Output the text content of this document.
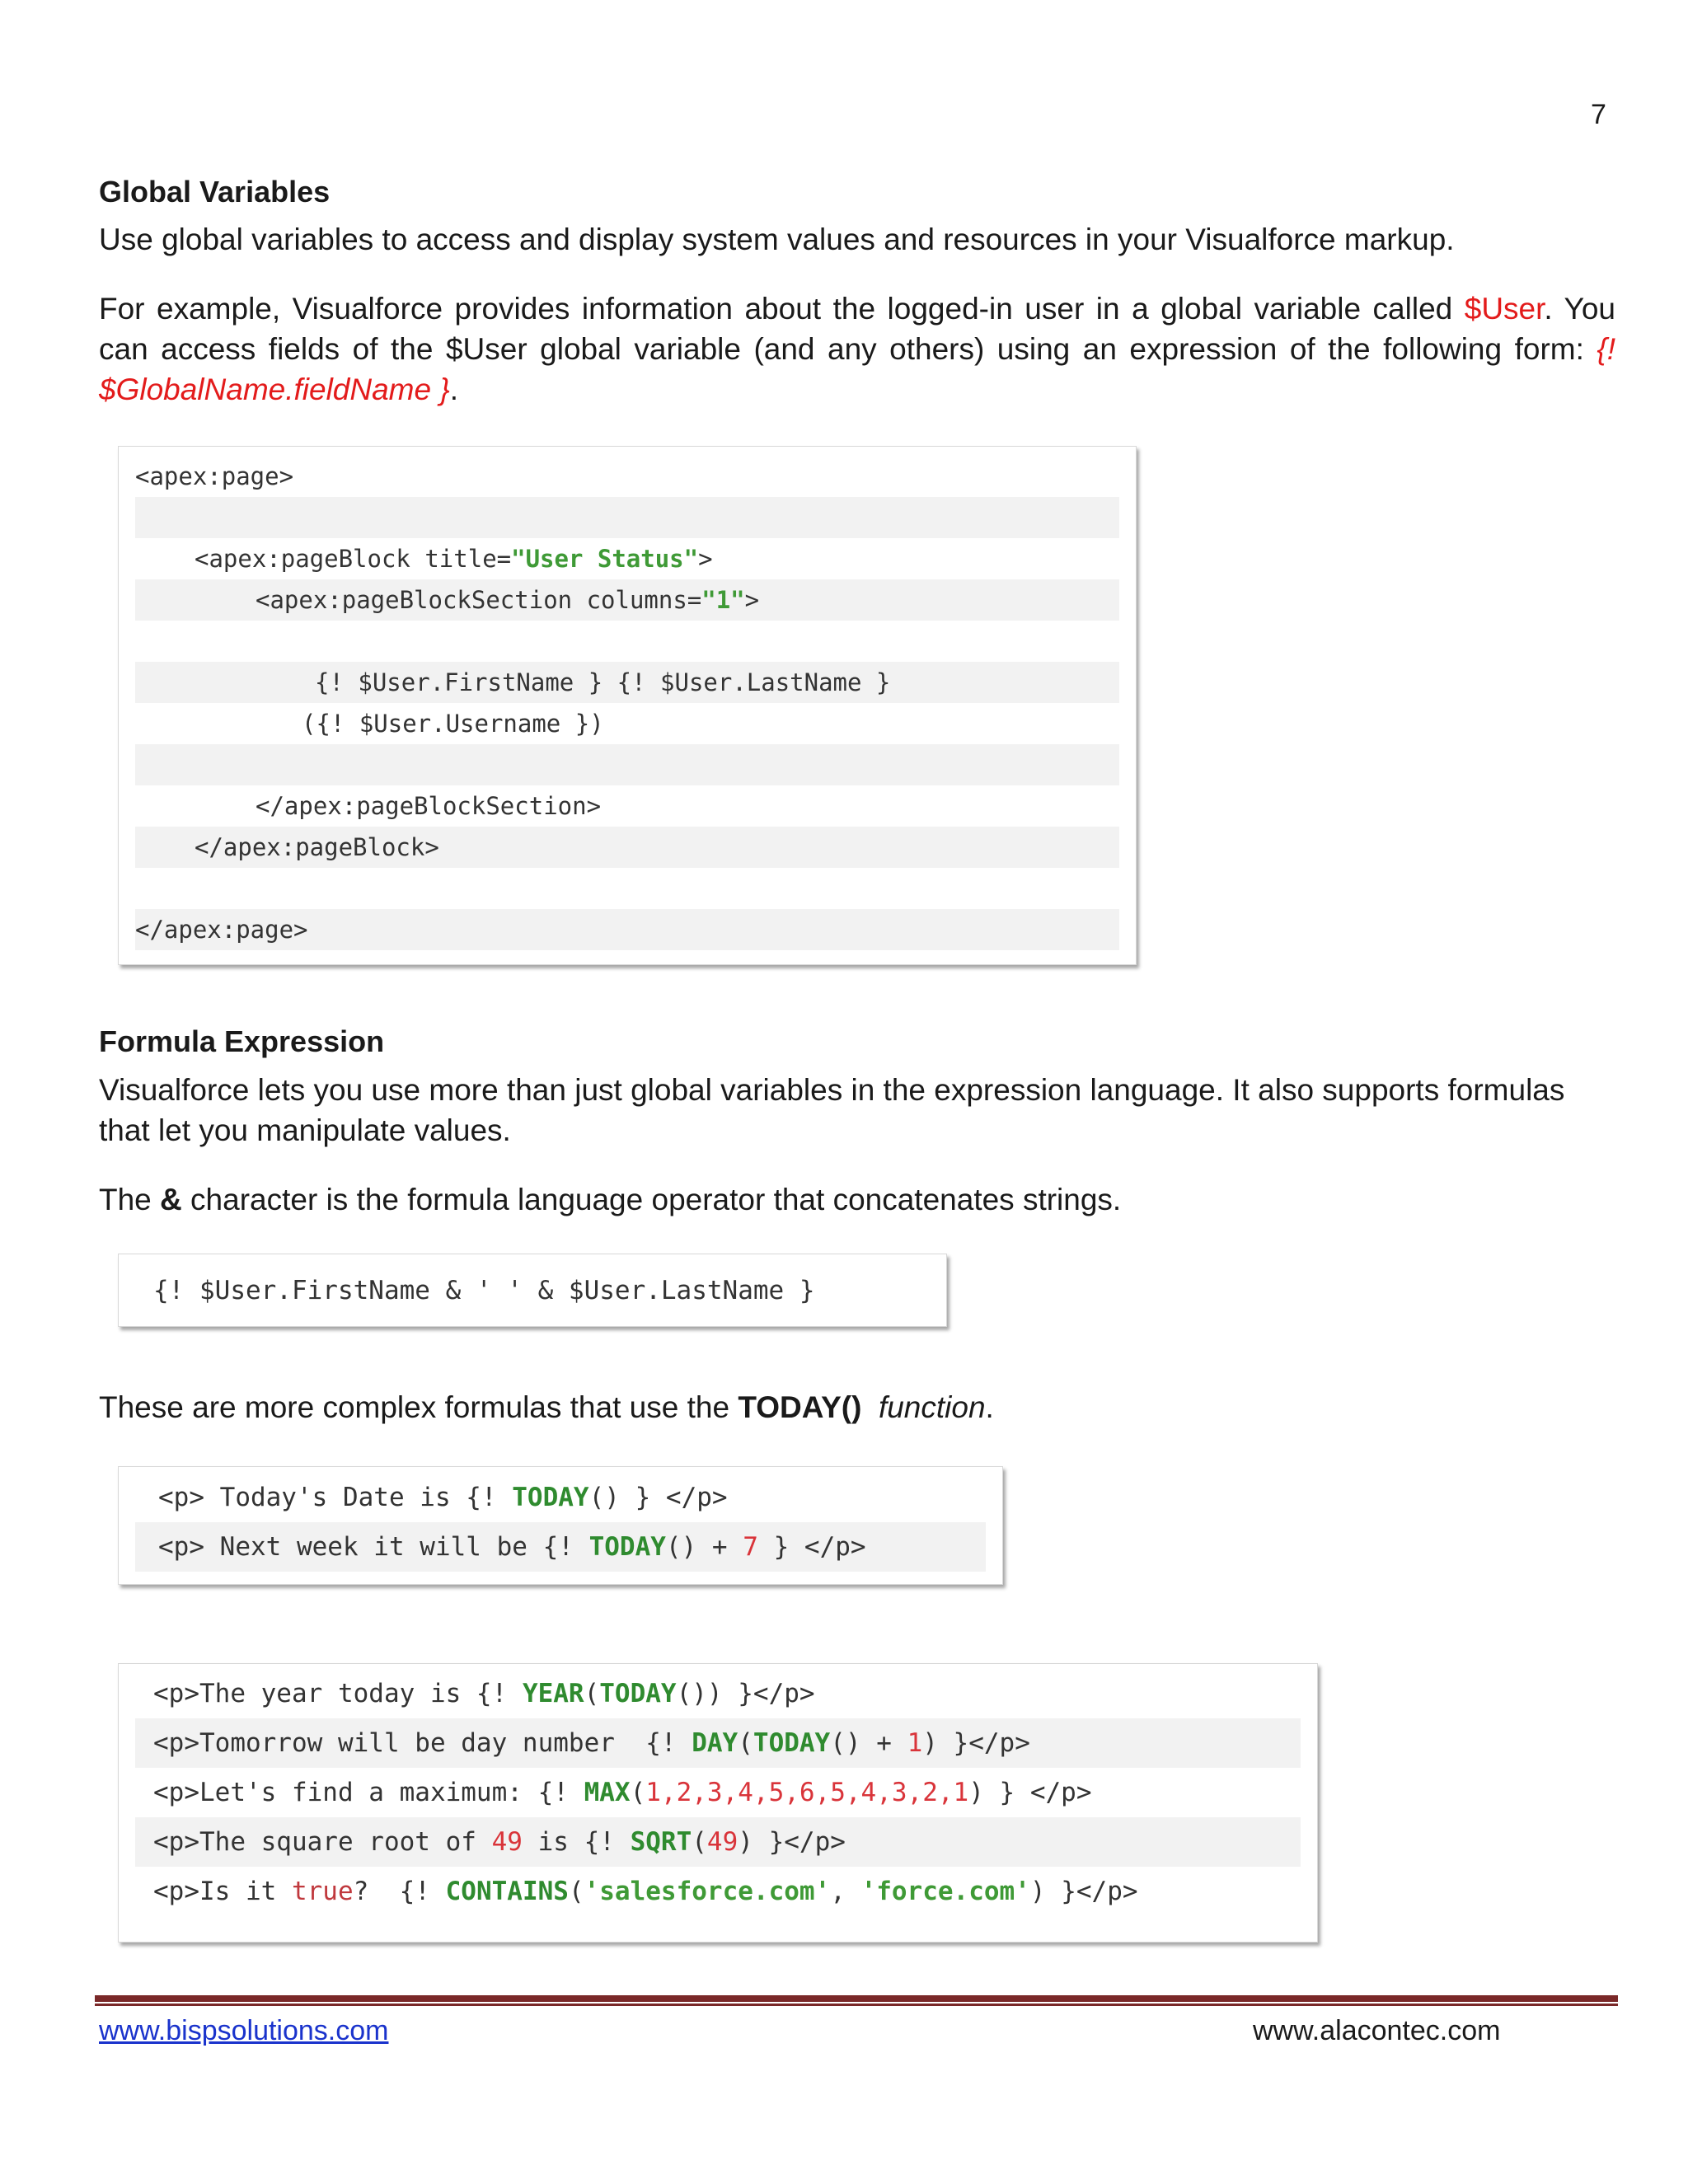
7
Global Variables
Use global variables to access and display system values and resources in your Visualforce markup.
For example, Visualforce provides information about the logged-in user in a global variable called $User. You can access fields of the $User global variable (and any others) using an expression of the following form: {! $GlobalName.fieldName }.
<apex:page>
<apex:pageBlock title="User Status">
<apex:pageBlockSection columns="1">
{! $User.FirstName } {! $User.LastName }
({! $User.Username })
</apex:pageBlockSection>
</apex:pageBlock>
</apex:page>
Formula Expression
Visualforce lets you use more than just global variables in the expression language. It also supports formulas that let you manipulate values.
The & character is the formula language operator that concatenates strings.
{! $User.FirstName & ' ' & $User.LastName }
These are more complex formulas that use the TODAY() function.
<p> Today's Date is {! TODAY() } </p>
<p> Next week it will be {! TODAY() + 7 } </p>
<p>The year today is {! YEAR(TODAY()) }</p>
<p>Tomorrow will be day number  {! DAY(TODAY() + 1) }</p>
<p>Let's find a maximum: {! MAX(1,2,3,4,5,6,5,4,3,2,1) } </p>
<p>The square root of 49 is {! SQRT(49) }</p>
<p>Is it true?  {! CONTAINS('salesforce.com', 'force.com') }</p>
www.bispsolutions.com	www.alacontec.com
